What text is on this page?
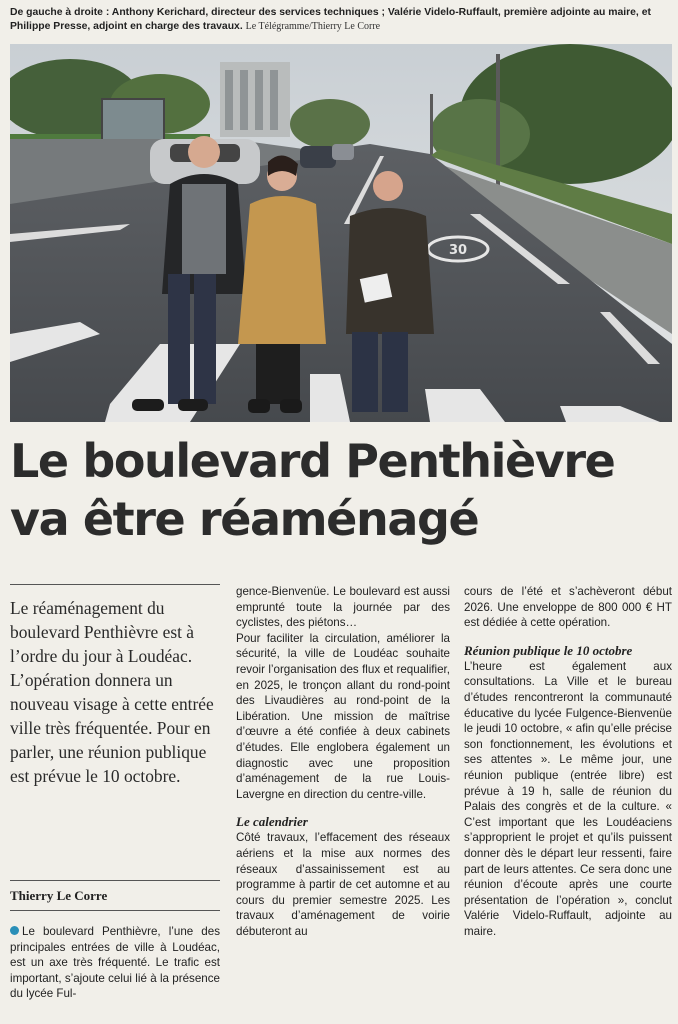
De gauche à droite : Anthony Kerichard, directeur des services techniques ; Valérie Videlo-Ruffault, première adjointe au maire, et Philippe Presse, adjoint en charge des travaux. Le Télégramme/Thierry Le Corre
30
Le boulevard Penthièvre
va être réaménagé
Le réaménagement du boulevard Penthièvre est à l’ordre du jour à Loudéac. L’opération donnera un nouveau visage à cette entrée ville très fréquentée. Pour en parler, une réunion publique est prévue le 10 octobre.
Thierry Le Corre

Le boulevard Penthièvre, l’une des principales entrées de ville à Loudéac, est un axe très fréquenté. Le trafic est important, s’ajoute celui lié à la présence du lycée Ful-

gence-Bienvenüe. Le boulevard est aussi emprunté toute la journée par des cyclistes, des piétons…

Pour faciliter la circulation, améliorer la sécurité, la ville de Loudéac souhaite revoir l’organisation des flux et requalifier, en 2025, le tronçon allant du rond-point des Livaudières au rond-point de la Libération. Une mission de maîtrise d’œuvre a été confiée à deux cabinets d’études. Elle englobera également un diagnostic avec une proposition d’aménagement de la rue Louis-Lavergne en direction du centre-ville.

Le calendrier

Côté travaux, l’effacement des réseaux aériens et la mise aux normes des réseaux d’assainissement est au programme à partir de cet automne et au cours du premier semestre 2025. Les travaux d’aménagement de voirie débuteront au

cours de l’été et s’achèveront début 2026. Une enveloppe de 800 000 € HT est dédiée à cette opération.

Réunion publique le 10 octobre

L’heure est également aux consultations. La Ville et le bureau d’études rencontreront la communauté éducative du lycée Fulgence-Bienvenüe le jeudi 10 octobre, « afin qu’elle précise son fonctionnement, les évolutions et ses attentes ». Le même jour, une réunion publique (entrée libre) est prévue à 19 h, salle de réunion du Palais des congrès et de la culture. « C’est important que les Loudéaciens s’approprient le projet et qu’ils puissent donner dès le départ leur ressenti, faire part de leurs attentes. Ce sera donc une réunion d’écoute après une courte présentation de l’opération », conclut Valérie Videlo-Ruffault, adjointe au maire.
